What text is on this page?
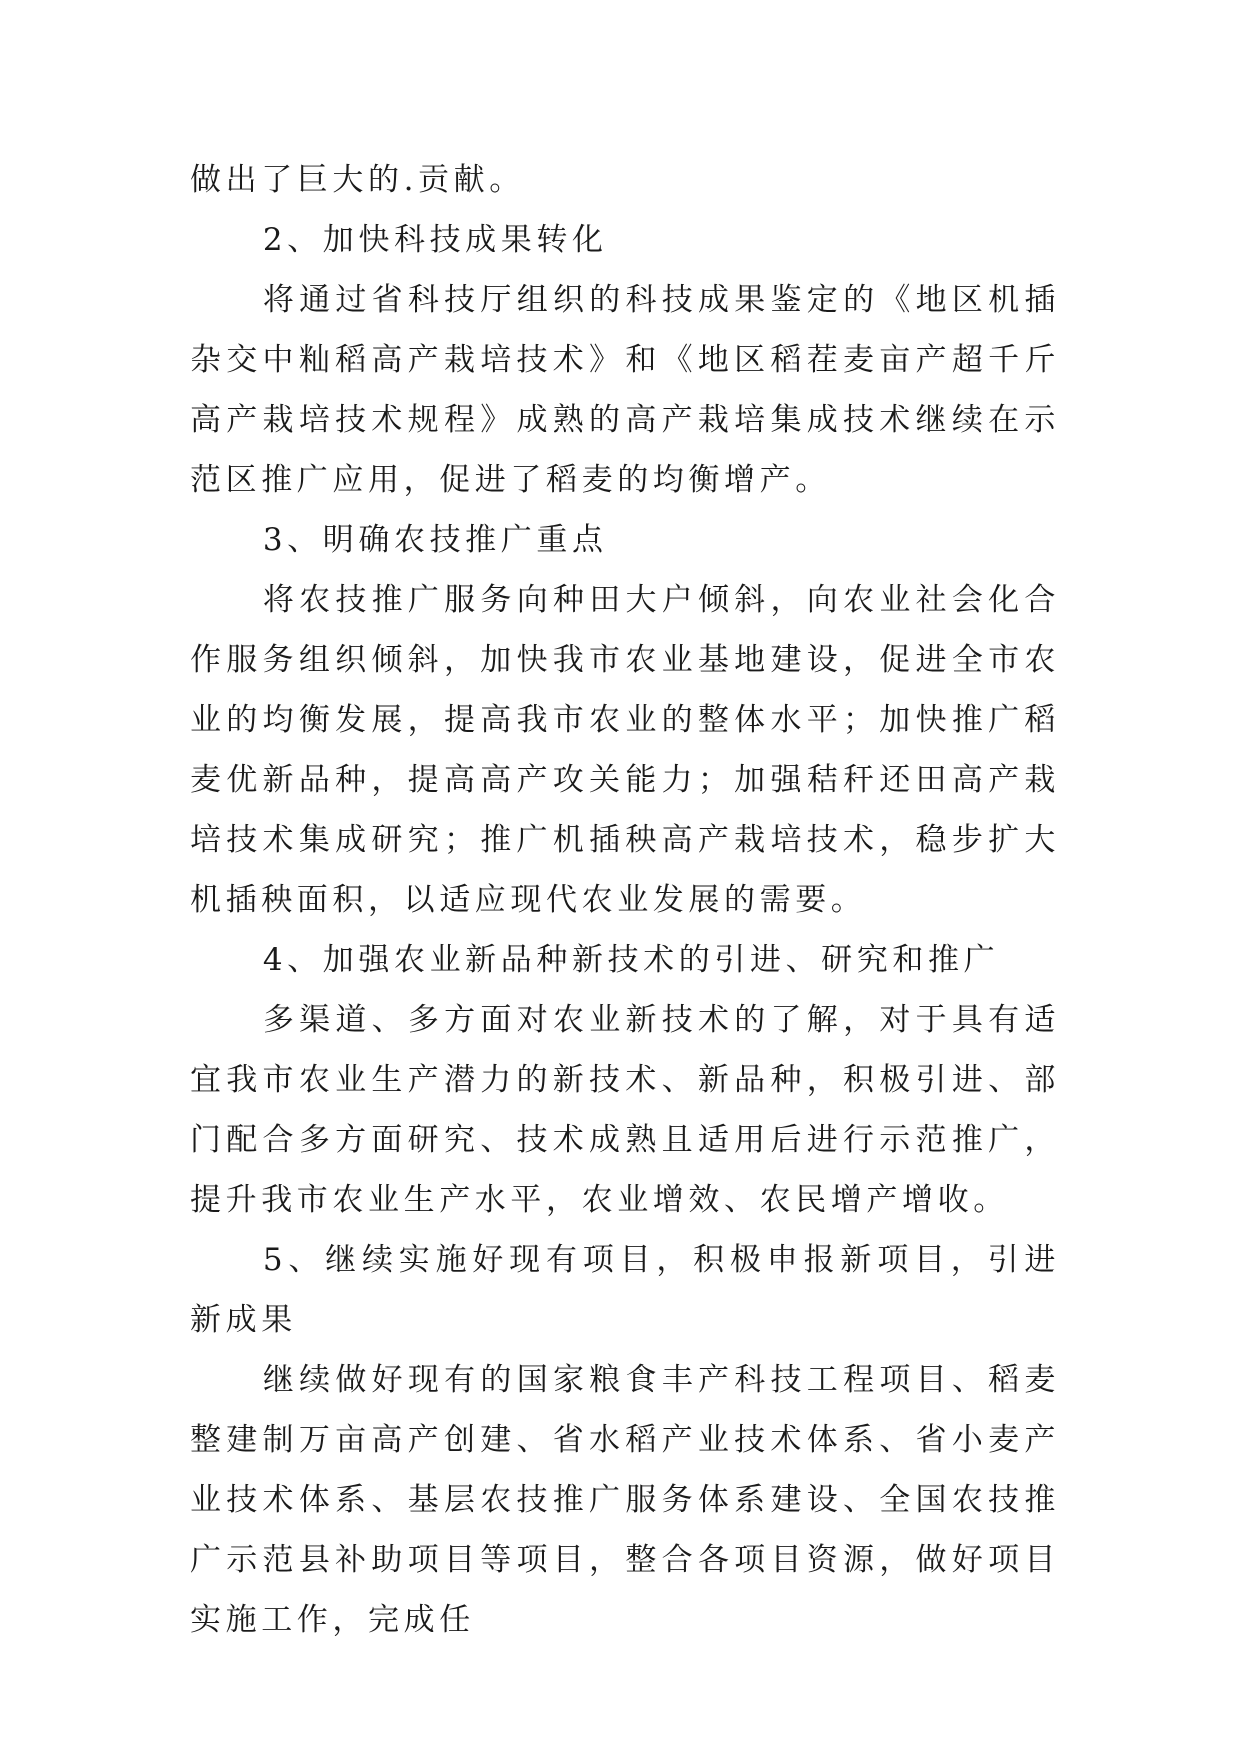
做出了巨大的.贡献。

2、加快科技成果转化

将通过省科技厅组织的科技成果鉴定的《地区机插杂交中籼稻高产栽培技术》和《地区稻茬麦亩产超千斤高产栽培技术规程》成熟的高产栽培集成技术继续在示范区推广应用，促进了稻麦的均衡增产。

3、明确农技推广重点

将农技推广服务向种田大户倾斜，向农业社会化合作服务组织倾斜，加快我市农业基地建设，促进全市农业的均衡发展，提高我市农业的整体水平；加快推广稻麦优新品种，提高高产攻关能力；加强秸秆还田高产栽培技术集成研究；推广机插秧高产栽培技术，稳步扩大机插秧面积，以适应现代农业发展的需要。

4、加强农业新品种新技术的引进、研究和推广

多渠道、多方面对农业新技术的了解，对于具有适宜我市农业生产潜力的新技术、新品种，积极引进、部门配合多方面研究、技术成熟且适用后进行示范推广，提升我市农业生产水平，农业增效、农民增产增收。

5、继续实施好现有项目，积极申报新项目，引进新成果

继续做好现有的国家粮食丰产科技工程项目、稻麦整建制万亩高产创建、省水稻产业技术体系、省小麦产业技术体系、基层农技推广服务体系建设、全国农技推广示范县补助项目等项目，整合各项目资源，做好项目实施工作，完成任
